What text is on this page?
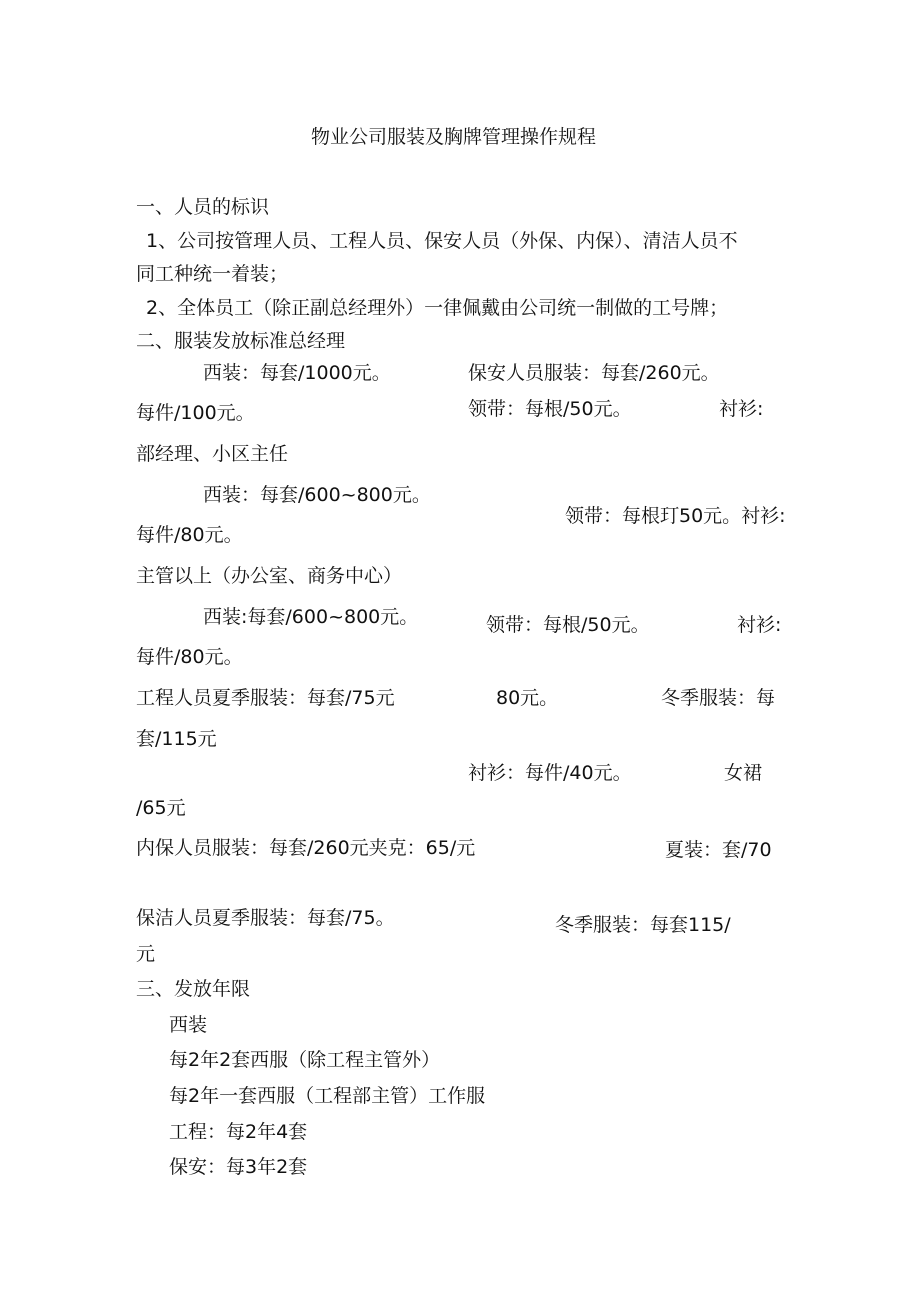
物业公司服装及胸牌管理操作规程
一、人员的标识
1、公司按管理人员、工程人员、保安人员（外保、内保）、清洁人员不
同工种统一着装；
2、全体员工（除正副总经理外）一律佩戴由公司统一制做的工号牌；
二、服装发放标准总经理
西装：每套/1000元。	保安人员服装：每套/260元。
每件/100元。	领带：每根/50元。	衬衫:
部经理、小区主任
西装：每套/600~800元。
领带：每根玎50元。衬衫:
每件/80元。
主管以上（办公室、商务中心）
西装:每套/600~800元。	领带：每根/50元。	衬衫:
每件/80元。
工程人员夏季服装：每套/75元	80元。	冬季服装：每
套/115元
衬衫：每件/40元。	女裙
/65元
内保人员服装：每套/260元夹克：65/元	夏装：套/70
保洁人员夏季服装：每套/75。	冬季服装：每套115/
元
三、发放年限
西装
每2年2套西服（除工程主管外）
每2年一套西服（工程部主管）工作服
工程：每2年4套
保安：每3年2套
